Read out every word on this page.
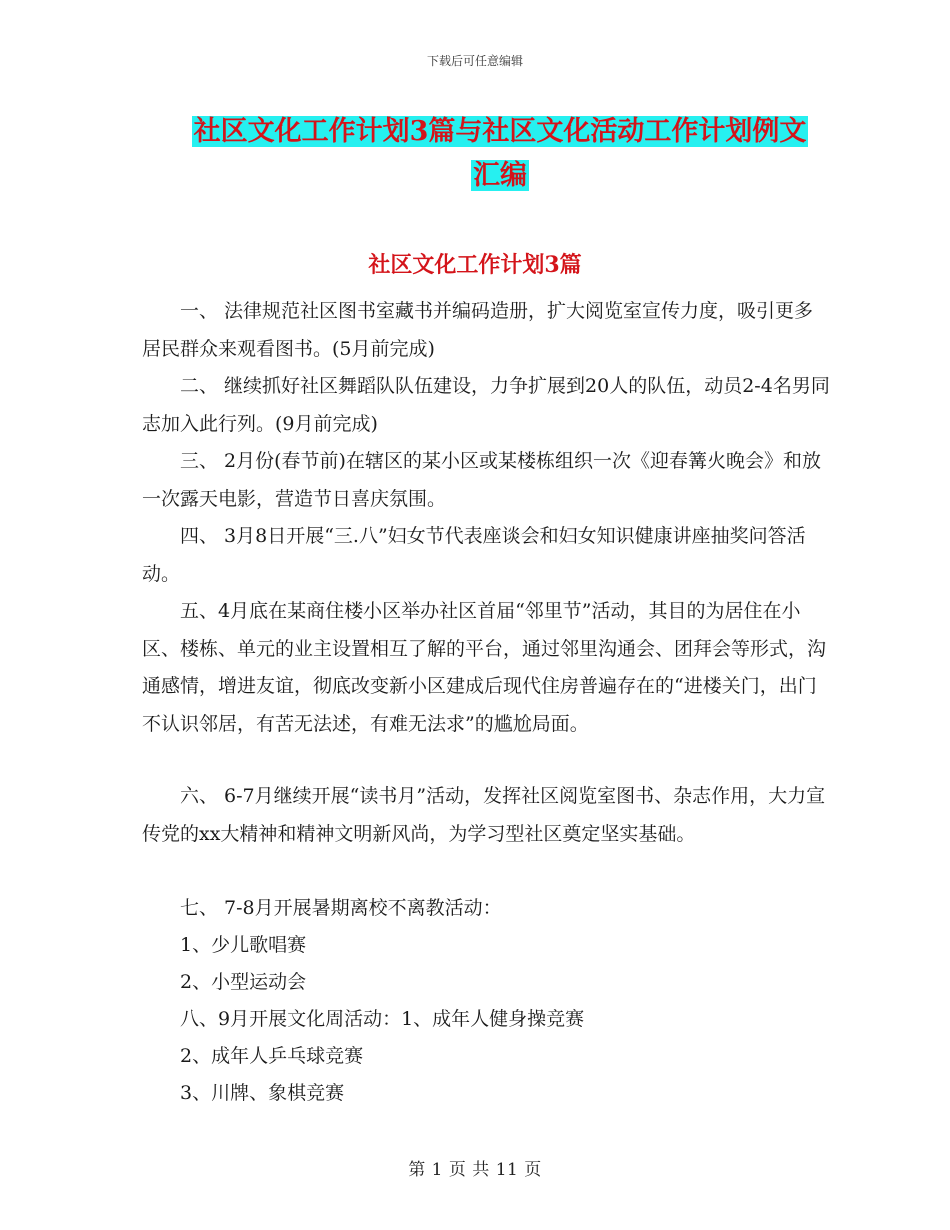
下载后可任意编辑
社区文化工作计划3篇与社区文化活动工作计划例文
汇编
社区文化工作计划3篇

　　一、 法律规范社区图书室藏书并编码造册，扩大阅览室宣传力度，吸引更多居民群众来观看图书。(5月前完成)

　　二、 继续抓好社区舞蹈队队伍建设，力争扩展到20人的队伍，动员2-4名男同志加入此行列。(9月前完成)

　　三、 2月份(春节前)在辖区的某小区或某楼栋组织一次《迎春篝火晚会》和放一次露天电影，营造节日喜庆氛围。

　　四、 3月8日开展“三.八”妇女节代表座谈会和妇女知识健康讲座抽奖问答活动。

　　五、4月底在某商住楼小区举办社区首届“邻里节”活动，其目的为居住在小区、楼栋、单元的业主设置相互了解的平台，通过邻里沟通会、团拜会等形式，沟通感情，增进友谊，彻底改变新小区建成后现代住房普遍存在的“进楼关门，出门不认识邻居，有苦无法述，有难无法求”的尴尬局面。

　　六、 6-7月继续开展“读书月”活动，发挥社区阅览室图书、杂志作用，大力宣传党的xx大精神和精神文明新风尚，为学习型社区奠定坚实基础。

　　七、 7-8月开展暑期离校不离教活动：

　　1、少儿歌唱赛

　　2、小型运动会

　　八、9月开展文化周活动：1、成年人健身操竞赛

　　2、成年人乒乓球竞赛

　　3、川牌、象棋竞赛

第 1 页 共 11 页
